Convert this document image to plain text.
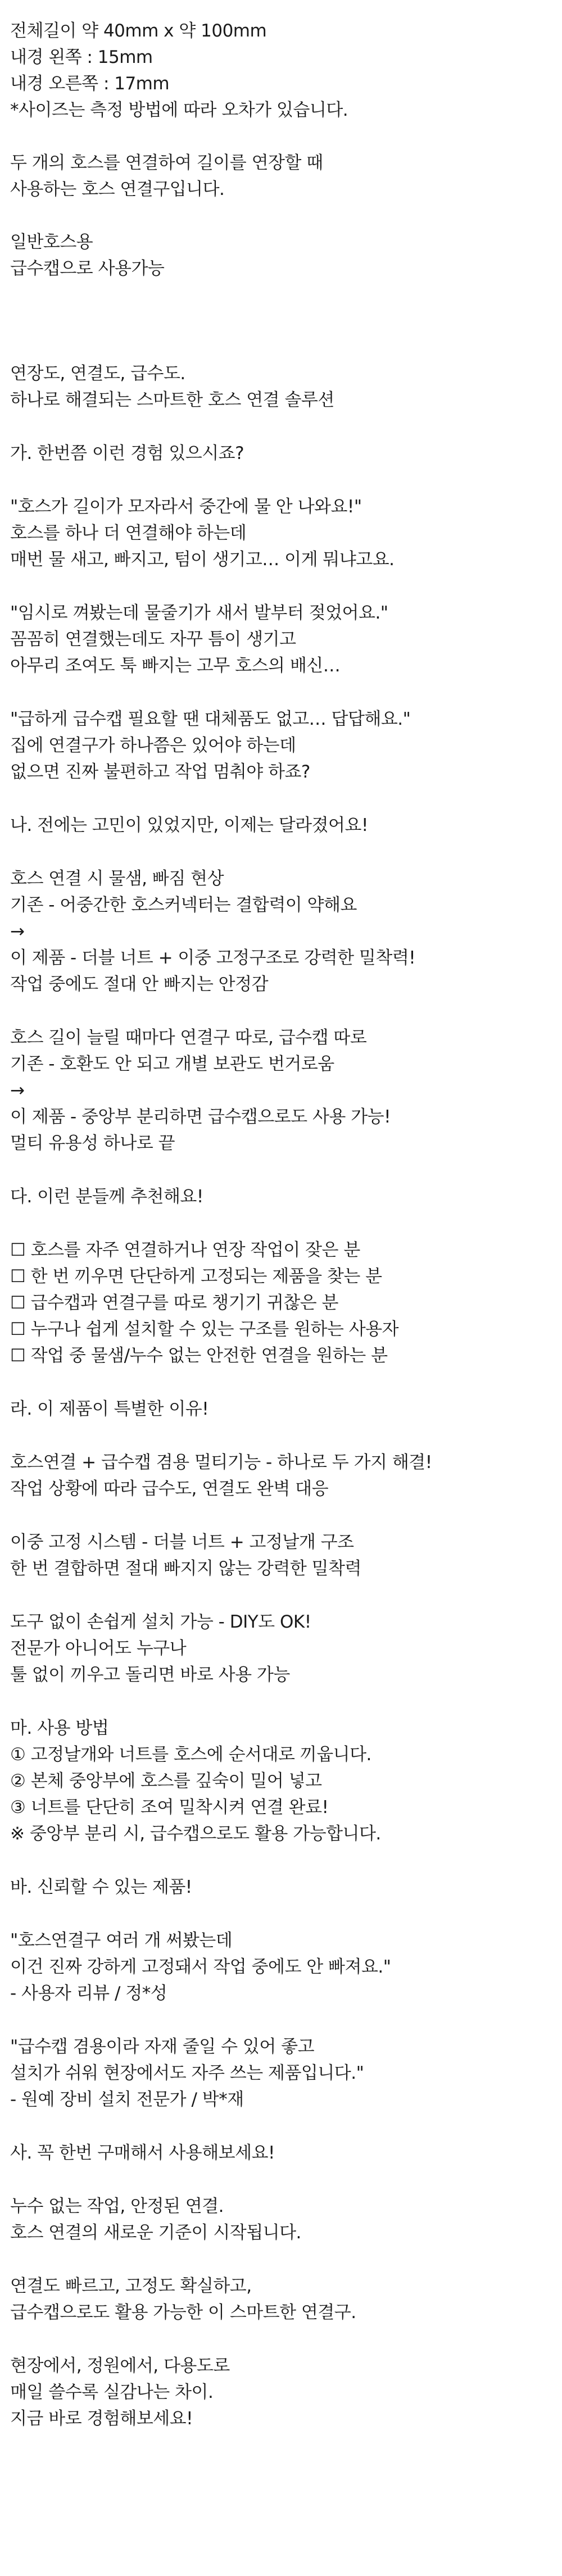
전체길이 약 40mm x 약 100mm
내경 왼쪽 : 15mm
내경 오른쪽 : 17mm
*사이즈는 측정 방법에 따라 오차가 있습니다.
두 개의 호스를 연결하여 길이를 연장할 때
사용하는 호스 연결구입니다.
일반호스용
급수캡으로 사용가능
연장도, 연결도, 급수도.
하나로 해결되는 스마트한 호스 연결 솔루션
가. 한번쯤 이런 경험 있으시죠?
"호스가 길이가 모자라서 중간에 물 안 나와요!"
호스를 하나 더 연결해야 하는데
매번 물 새고, 빠지고, 텀이 생기고… 이게 뭐냐고요.
"임시로 껴봤는데 물줄기가 새서 발부터 젖었어요."
꼼꼼히 연결했는데도 자꾸 틈이 생기고
아무리 조여도 툭 빠지는 고무 호스의 배신…
"급하게 급수캡 필요할 땐 대체품도 없고… 답답해요."
집에 연결구가 하나쯤은 있어야 하는데
없으면 진짜 불편하고 작업 멈춰야 하죠?
나. 전에는 고민이 있었지만, 이제는 달라졌어요!
호스 연결 시 물샘, 빠짐 현상
기존 - 어중간한 호스커넥터는 결합력이 약해요
→
이 제품 - 더블 너트 + 이중 고정구조로 강력한 밀착력!
작업 중에도 절대 안 빠지는 안정감
호스 길이 늘릴 때마다 연결구 따로, 급수캡 따로
기존 - 호환도 안 되고 개별 보관도 번거로움
→
이 제품 - 중앙부 분리하면 급수캡으로도 사용 가능!
멀티 유용성 하나로 끝
다. 이런 분들께 추천해요!
☐ 호스를 자주 연결하거나 연장 작업이 잦은 분
☐ 한 번 끼우면 단단하게 고정되는 제품을 찾는 분
☐ 급수캡과 연결구를 따로 챙기기 귀찮은 분
☐ 누구나 쉽게 설치할 수 있는 구조를 원하는 사용자
☐ 작업 중 물샘/누수 없는 안전한 연결을 원하는 분
라. 이 제품이 특별한 이유!
호스연결 + 급수캡 겸용 멀티기능 - 하나로 두 가지 해결!
작업 상황에 따라 급수도, 연결도 완벽 대응
이중 고정 시스템 - 더블 너트 + 고정날개 구조
한 번 결합하면 절대 빠지지 않는 강력한 밀착력
도구 없이 손쉽게 설치 가능 - DIY도 OK!
전문가 아니어도 누구나
툴 없이 끼우고 돌리면 바로 사용 가능
마. 사용 방법
① 고정날개와 너트를 호스에 순서대로 끼웁니다.
② 본체 중앙부에 호스를 깊숙이 밀어 넣고
③ 너트를 단단히 조여 밀착시켜 연결 완료!
※ 중앙부 분리 시, 급수캡으로도 활용 가능합니다.
바. 신뢰할 수 있는 제품!
"호스연결구 여러 개 써봤는데
이건 진짜 강하게 고정돼서 작업 중에도 안 빠져요."
- 사용자 리뷰 / 정*성
"급수캡 겸용이라 자재 줄일 수 있어 좋고
설치가 쉬워 현장에서도 자주 쓰는 제품입니다."
- 원예 장비 설치 전문가 / 박*재
사. 꼭 한번 구매해서 사용해보세요!
누수 없는 작업, 안정된 연결.
호스 연결의 새로운 기준이 시작됩니다.
연결도 빠르고, 고정도 확실하고,
급수캡으로도 활용 가능한 이 스마트한 연결구.
현장에서, 정원에서, 다용도로
매일 쓸수록 실감나는 차이.
지금 바로 경험해보세요!
